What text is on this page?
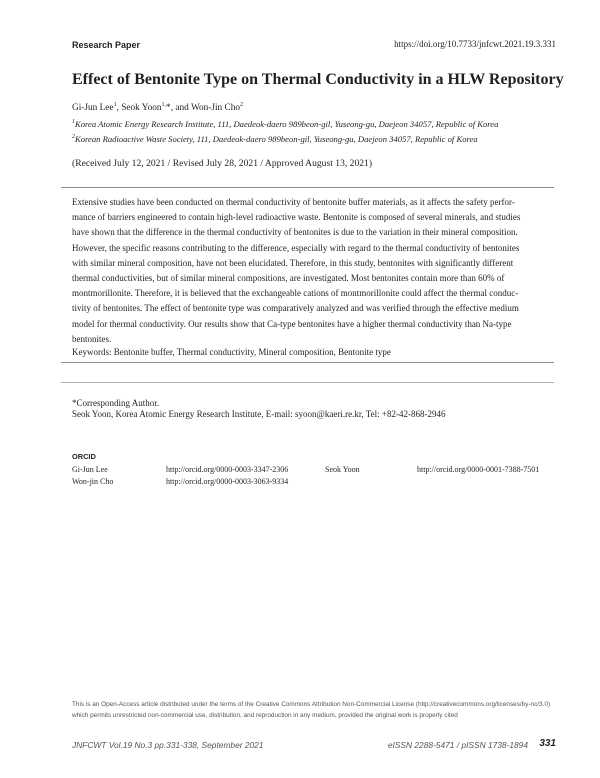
Research Paper	https://doi.org/10.7733/jnfcwt.2021.19.3.331
Effect of Bentonite Type on Thermal Conductivity in a HLW Repository
Gi-Jun Lee$^1$, Seok Yoon$^{1,}$*, and Won-Jin Cho$^2$
$^1$Korea Atomic Energy Research Institute, 111, Daedeok-daero 989beon-gil, Yuseong-gu, Daejeon 34057, Republic of Korea
$^2$Korean Radioactive Waste Society, 111, Daedeok-daero 989beon-gil, Yuseong-gu, Daejeon 34057, Republic of Korea
(Received July 12, 2021 / Revised July 28, 2021 / Approved August 13, 2021)
Extensive studies have been conducted on thermal conductivity of bentonite buffer materials, as it affects the safety perfor-
mance of barriers engineered to contain high-level radioactive waste. Bentonite is composed of several minerals, and studies
have shown that the difference in the thermal conductivity of bentonites is due to the variation in their mineral composition.
However, the specific reasons contributing to the difference, especially with regard to the thermal conductivity of bentonites
with similar mineral composition, have not been elucidated. Therefore, in this study, bentonites with significantly different
thermal conductivities, but of similar mineral compositions, are investigated. Most bentonites contain more than 60% of
montmorillonite. Therefore, it is believed that the exchangeable cations of montmorillonite could affect the thermal conduc-
tivity of bentonites. The effect of bentonite type was comparatively analyzed and was verified through the effective medium
model for thermal conductivity. Our results show that Ca-type bentonites have a higher thermal conductivity than Na-type
bentonites.
Keywords: Bentonite buffer, Thermal conductivity, Mineral composition, Bentonite type
*Corresponding Author.
Seok Yoon, Korea Atomic Energy Research Institute, E-mail: syoon@kaeri.re.kr, Tel: +82-42-868-2946
ORCID
Gi-Jun Lee	http://orcid.org/0000-0003-3347-2306	Seok Yoon	http://orcid.org/0000-0001-7388-7501
Won-jin Cho	http://orcid.org/0000-0003-3063-9334
This is an Open-Access article distributed under the terms of the Creative Commons Attribution Non-Commercial License (http://creativecommons.org/licenses/by-nc/3.0) which permits unrestricted non-commercial use, distribution, and reproduction in any medium, provided the original work is properly cited
JNFCWT Vol.19 No.3 pp.331-338, September 2021	eISSN 2288-5471 / pISSN 1738-1894 331
